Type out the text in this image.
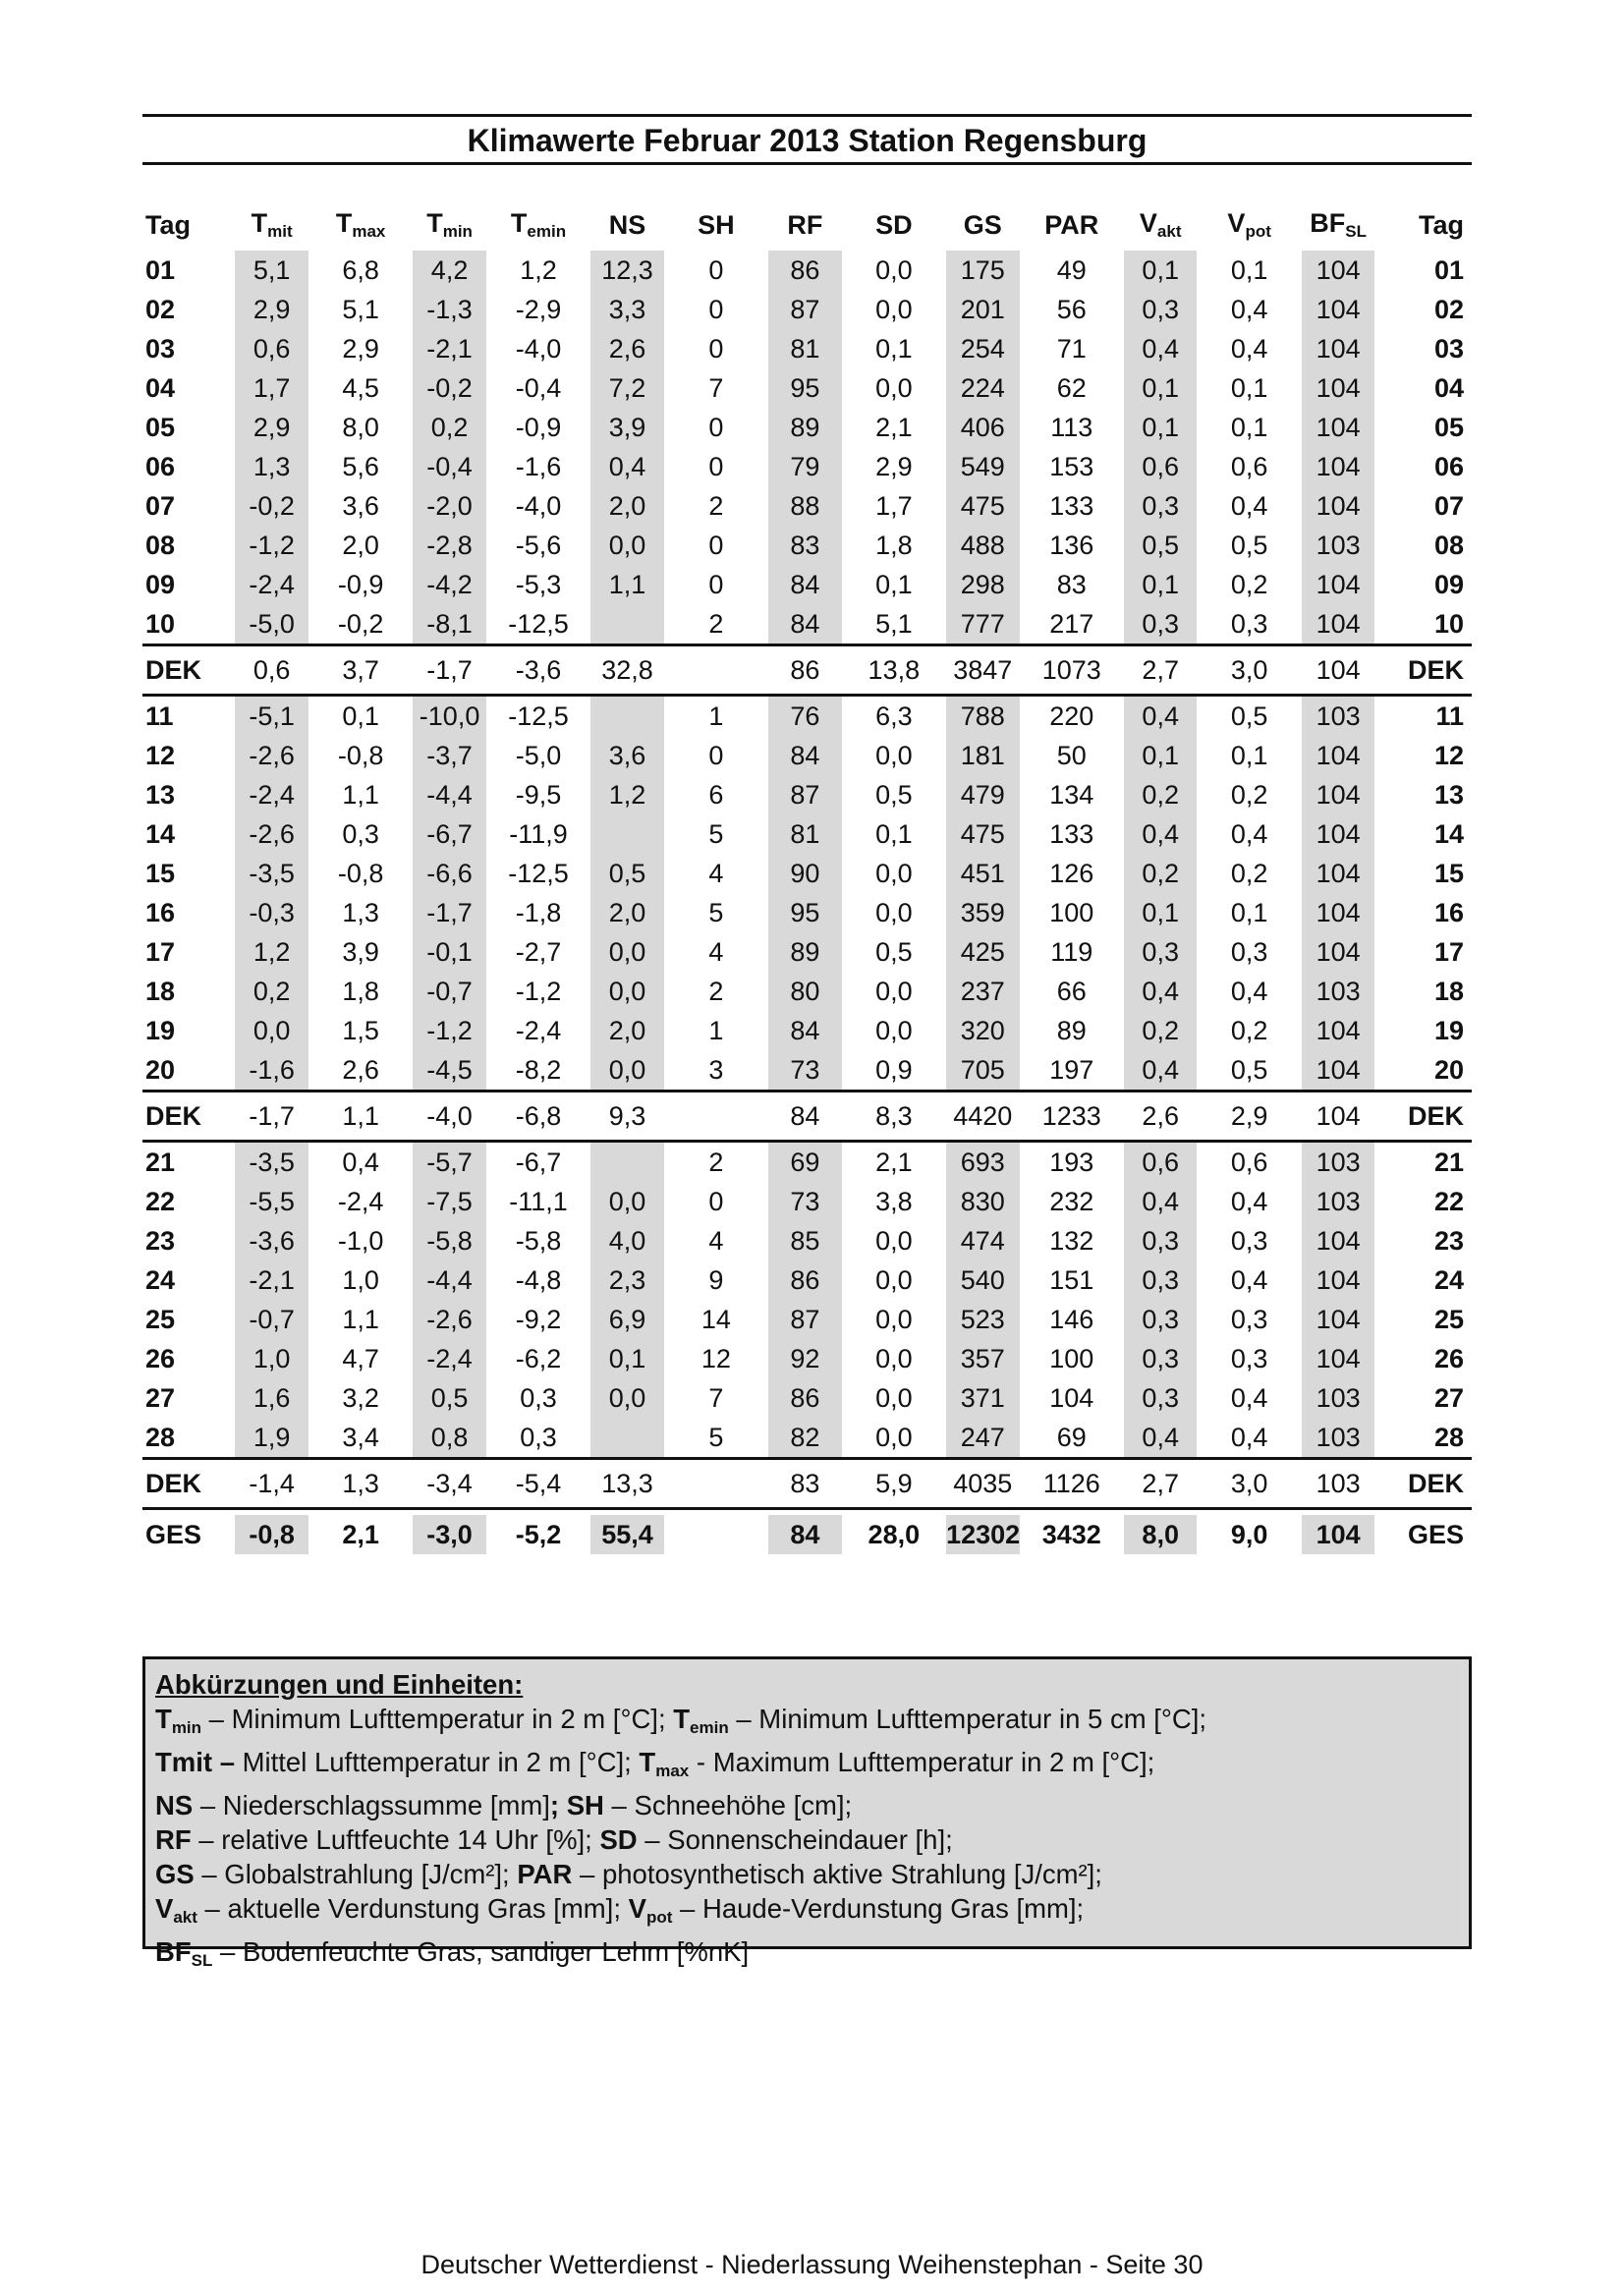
Klimawerte Februar 2013 Station Regensburg
Tag	$T_{mit}$	$T_{max}$	$T_{min}$	$T_{emin}$	NS	SH	RF	SD	GS	PAR	$V_{akt}$	$V_{pot}$	$BF_{SL}$	Tag
01	5,1	6,8	4,2	1,2	12,3	0	86	0,0	175	49	0,1	0,1	104	01
02	2,9	5,1	-1,3	-2,9	3,3	0	87	0,0	201	56	0,3	0,4	104	02
03	0,6	2,9	-2,1	-4,0	2,6	0	81	0,1	254	71	0,4	0,4	104	03
04	1,7	4,5	-0,2	-0,4	7,2	7	95	0,0	224	62	0,1	0,1	104	04
05	2,9	8,0	0,2	-0,9	3,9	0	89	2,1	406	113	0,1	0,1	104	05
06	1,3	5,6	-0,4	-1,6	0,4	0	79	2,9	549	153	0,6	0,6	104	06
07	-0,2	3,6	-2,0	-4,0	2,0	2	88	1,7	475	133	0,3	0,4	104	07
08	-1,2	2,0	-2,8	-5,6	0,0	0	83	1,8	488	136	0,5	0,5	103	08
09	-2,4	-0,9	-4,2	-5,3	1,1	0	84	0,1	298	83	0,1	0,2	104	09
10	-5,0	-0,2	-8,1	-12,5		2	84	5,1	777	217	0,3	0,3	104	10
DEK	0,6	3,7	-1,7	-3,6	32,8		86	13,8	3847	1073	2,7	3,0	104	DEK
11	-5,1	0,1	-10,0	-12,5		1	76	6,3	788	220	0,4	0,5	103	11
12	-2,6	-0,8	-3,7	-5,0	3,6	0	84	0,0	181	50	0,1	0,1	104	12
13	-2,4	1,1	-4,4	-9,5	1,2	6	87	0,5	479	134	0,2	0,2	104	13
14	-2,6	0,3	-6,7	-11,9		5	81	0,1	475	133	0,4	0,4	104	14
15	-3,5	-0,8	-6,6	-12,5	0,5	4	90	0,0	451	126	0,2	0,2	104	15
16	-0,3	1,3	-1,7	-1,8	2,0	5	95	0,0	359	100	0,1	0,1	104	16
17	1,2	3,9	-0,1	-2,7	0,0	4	89	0,5	425	119	0,3	0,3	104	17
18	0,2	1,8	-0,7	-1,2	0,0	2	80	0,0	237	66	0,4	0,4	103	18
19	0,0	1,5	-1,2	-2,4	2,0	1	84	0,0	320	89	0,2	0,2	104	19
20	-1,6	2,6	-4,5	-8,2	0,0	3	73	0,9	705	197	0,4	0,5	104	20
DEK	-1,7	1,1	-4,0	-6,8	9,3		84	8,3	4420	1233	2,6	2,9	104	DEK
21	-3,5	0,4	-5,7	-6,7		2	69	2,1	693	193	0,6	0,6	103	21
22	-5,5	-2,4	-7,5	-11,1	0,0	0	73	3,8	830	232	0,4	0,4	103	22
23	-3,6	-1,0	-5,8	-5,8	4,0	4	85	0,0	474	132	0,3	0,3	104	23
24	-2,1	1,0	-4,4	-4,8	2,3	9	86	0,0	540	151	0,3	0,4	104	24
25	-0,7	1,1	-2,6	-9,2	6,9	14	87	0,0	523	146	0,3	0,3	104	25
26	1,0	4,7	-2,4	-6,2	0,1	12	92	0,0	357	100	0,3	0,3	104	26
27	1,6	3,2	0,5	0,3	0,0	7	86	0,0	371	104	0,3	0,4	103	27
28	1,9	3,4	0,8	0,3		5	82	0,0	247	69	0,4	0,4	103	28
DEK	-1,4	1,3	-3,4	-5,4	13,3		83	5,9	4035	1126	2,7	3,0	103	DEK
GES	-0,8	2,1	-3,0	-5,2	55,4		84	28,0	12302	3432	8,0	9,0	104	GES
Abkürzungen und Einheiten:
$T_{min}$ – Minimum Lufttemperatur in 2 m [°C]; $T_{emin}$ – Minimum Lufttemperatur in 5 cm [°C];
Tmit – Mittel Lufttemperatur in 2 m [°C]; $T_{max}$ - Maximum Lufttemperatur in 2 m [°C];
NS – Niederschlagssumme [mm]; SH – Schneehöhe [cm];
RF – relative Luftfeuchte 14 Uhr [%]; SD – Sonnenscheindauer [h];
GS – Globalstrahlung [J/cm²]; PAR – photosynthetisch aktive Strahlung [J/cm²];
$V_{akt}$ – aktuelle Verdunstung Gras [mm]; $V_{pot}$ – Haude-Verdunstung Gras [mm];
$BF_{SL}$ – Bodenfeuchte Gras, sandiger Lehm [%nK]
Deutscher Wetterdienst - Niederlassung Weihenstephan - Seite 30
